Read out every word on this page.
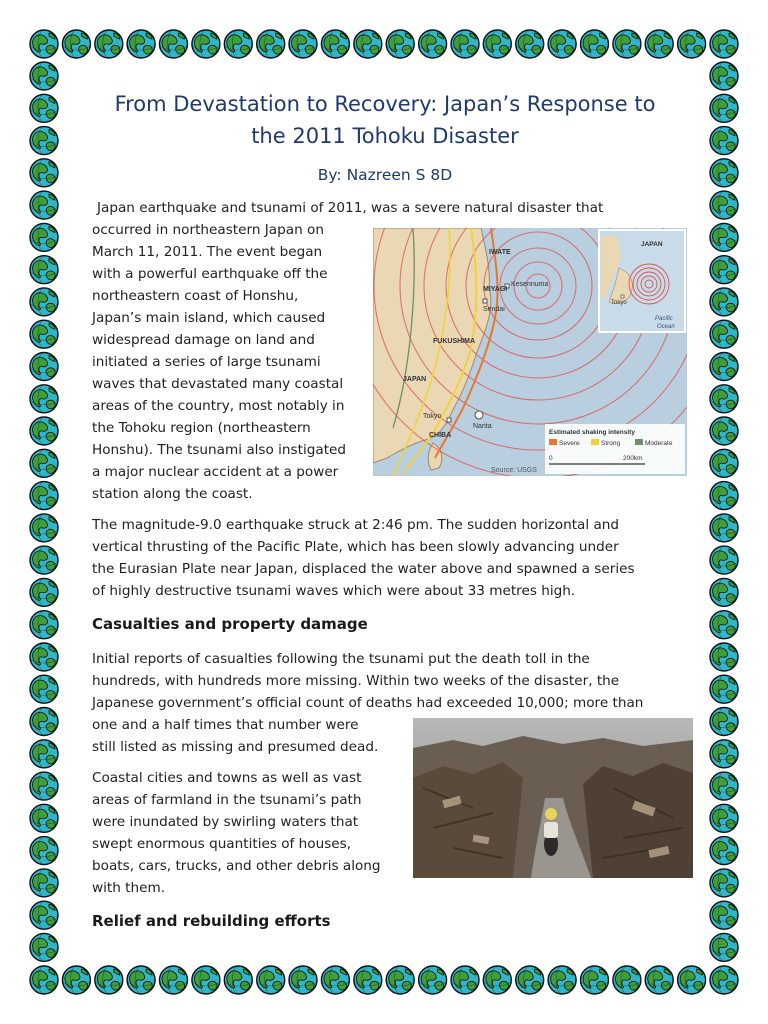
From Devastation to Recovery: Japan’s Response to
the 2011 Tohoku Disaster
By: Nazreen S 8D

Japan earthquake and tsunami of 2011, was a severe natural disaster that

occurred in northeastern Japan on
March 11, 2011. The event began
with a powerful earthquake off the
northeastern coast of Honshu,
Japan’s main island, which caused
widespread damage on land and
initiated a series of large tsunami
waves that devastated many coastal
areas of the country, most notably in
the Tohoku region (northeastern
Honshu). The tsunami also instigated
a major nuclear accident at a power
station along the coast.
IWATE
MIYAGI
Kesennuma
Sendai
FUKUSHIMA
JAPAN
Tokyo
Narita
CHIBA
JAPAN
Tokyo
Pacific
Ocean
Estimated shaking intensity
Severe	Strong	Moderate
0	200km
Source: USGS
The magnitude-9.0 earthquake struck at 2:46 pm. The sudden horizontal and
vertical thrusting of the Pacific Plate, which has been slowly advancing under
the Eurasian Plate near Japan, displaced the water above and spawned a series
of highly destructive tsunami waves which were about 33 metres high.
Casualties and property damage
Initial reports of casualties following the tsunami put the death toll in the
hundreds, with hundreds more missing. Within two weeks of the disaster, the
Japanese government’s official count of deaths had exceeded 10,000; more than
one and a half times that number were
still listed as missing and presumed dead.
Coastal cities and towns as well as vast
areas of farmland in the tsunami’s path
were inundated by swirling waters that
swept enormous quantities of houses,
boats, cars, trucks, and other debris along
with them.
Relief and rebuilding efforts
